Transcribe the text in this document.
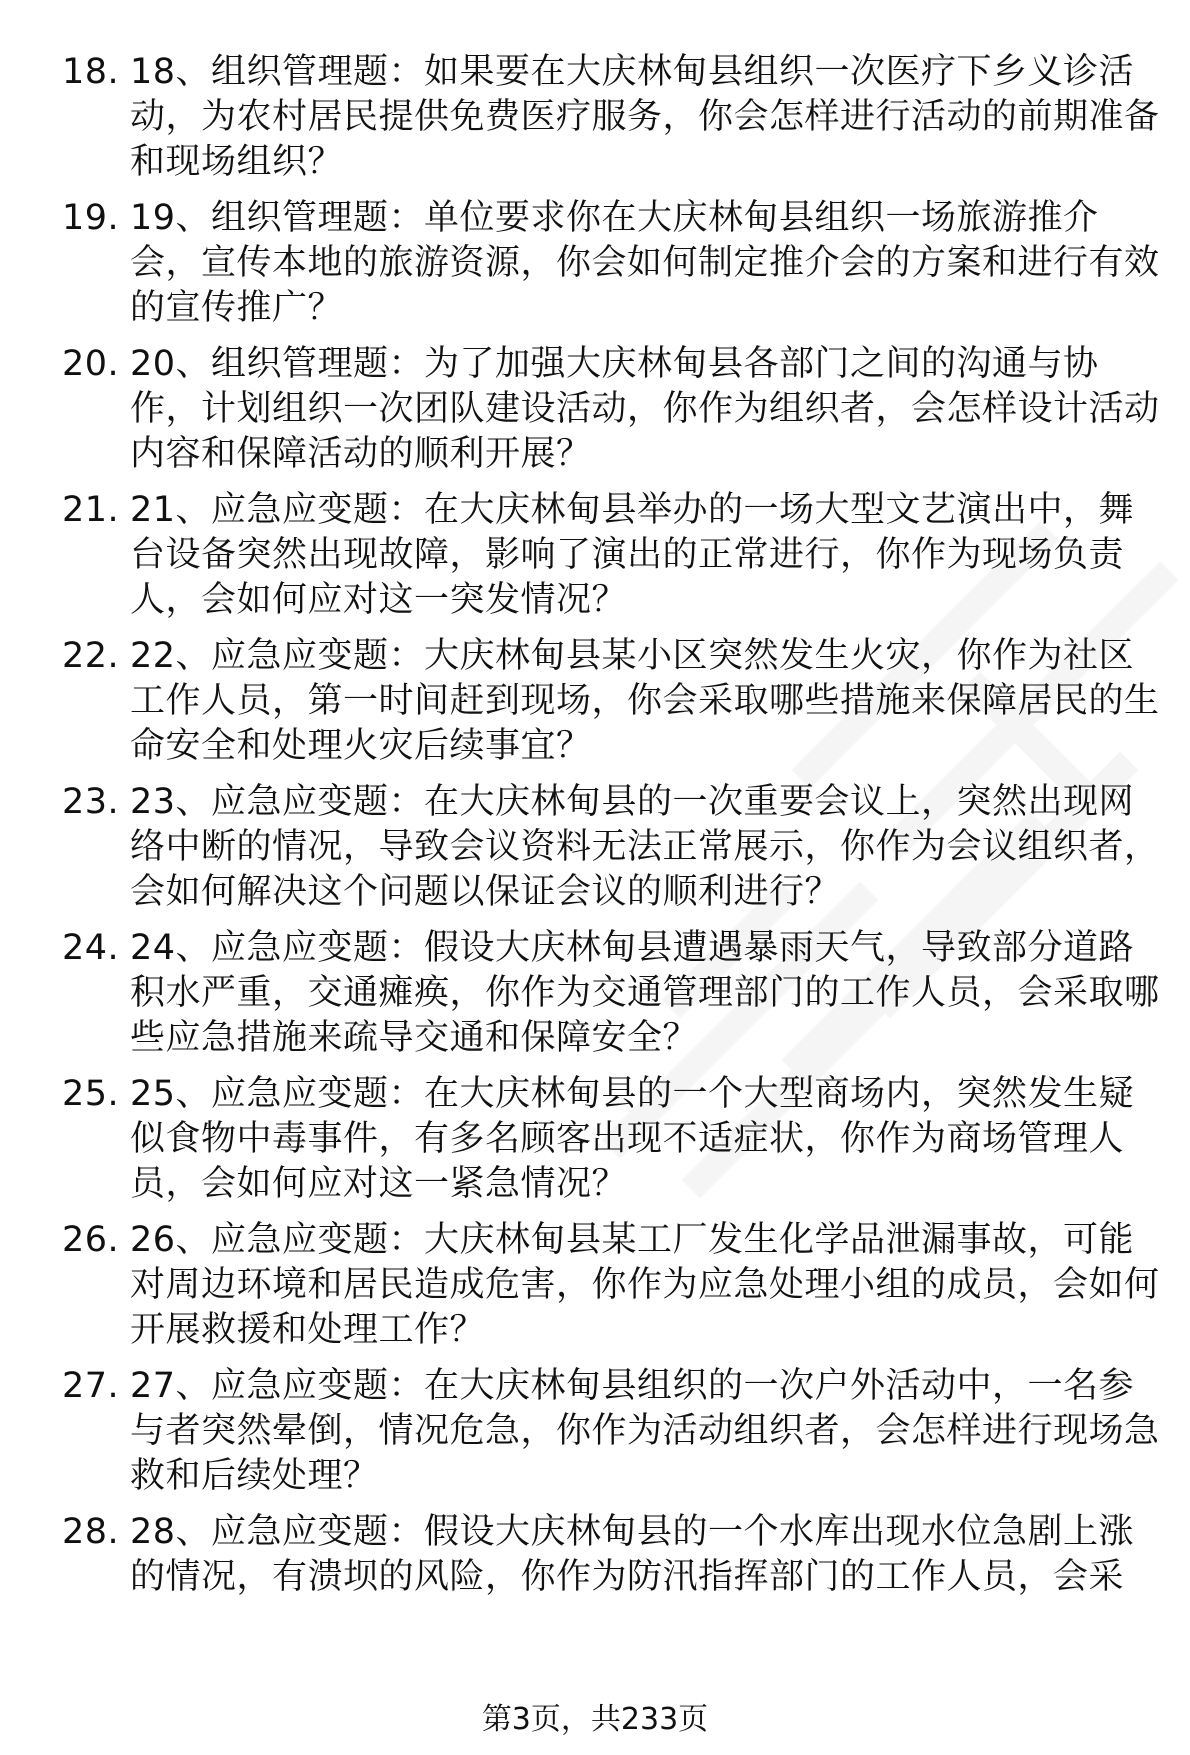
18. 18、组织管理题：如果要在大庆林甸县组织一次医疗下乡义诊活动，为农村居民提供免费医疗服务，你会怎样进行活动的前期准备和现场组织？
19. 19、组织管理题：单位要求你在大庆林甸县组织一场旅游推介会，宣传本地的旅游资源，你会如何制定推介会的方案和进行有效的宣传推广？
20. 20、组织管理题：为了加强大庆林甸县各部门之间的沟通与协作，计划组织一次团队建设活动，你作为组织者，会怎样设计活动内容和保障活动的顺利开展？
21. 21、应急应变题：在大庆林甸县举办的一场大型文艺演出中，舞台设备突然出现故障，影响了演出的正常进行，你作为现场负责人，会如何应对这一突发情况？
22. 22、应急应变题：大庆林甸县某小区突然发生火灾，你作为社区工作人员，第一时间赶到现场，你会采取哪些措施来保障居民的生命安全和处理火灾后续事宜？
23. 23、应急应变题：在大庆林甸县的一次重要会议上，突然出现网络中断的情况，导致会议资料无法正常展示，你作为会议组织者，会如何解决这个问题以保证会议的顺利进行？
24. 24、应急应变题：假设大庆林甸县遭遇暴雨天气，导致部分道路积水严重，交通瘫痪，你作为交通管理部门的工作人员，会采取哪些应急措施来疏导交通和保障安全？
25. 25、应急应变题：在大庆林甸县的一个大型商场内，突然发生疑似食物中毒事件，有多名顾客出现不适症状，你作为商场管理人员，会如何应对这一紧急情况？
26. 26、应急应变题：大庆林甸县某工厂发生化学品泄漏事故，可能对周边环境和居民造成危害，你作为应急处理小组的成员，会如何开展救援和处理工作？
27. 27、应急应变题：在大庆林甸县组织的一次户外活动中，一名参与者突然晕倒，情况危急，你作为活动组织者，会怎样进行现场急救和后续处理？
28. 28、应急应变题：假设大庆林甸县的一个水库出现水位急剧上涨的情况，有溃坝的风险，你作为防汛指挥部门的工作人员，会采
第3页，共233页
